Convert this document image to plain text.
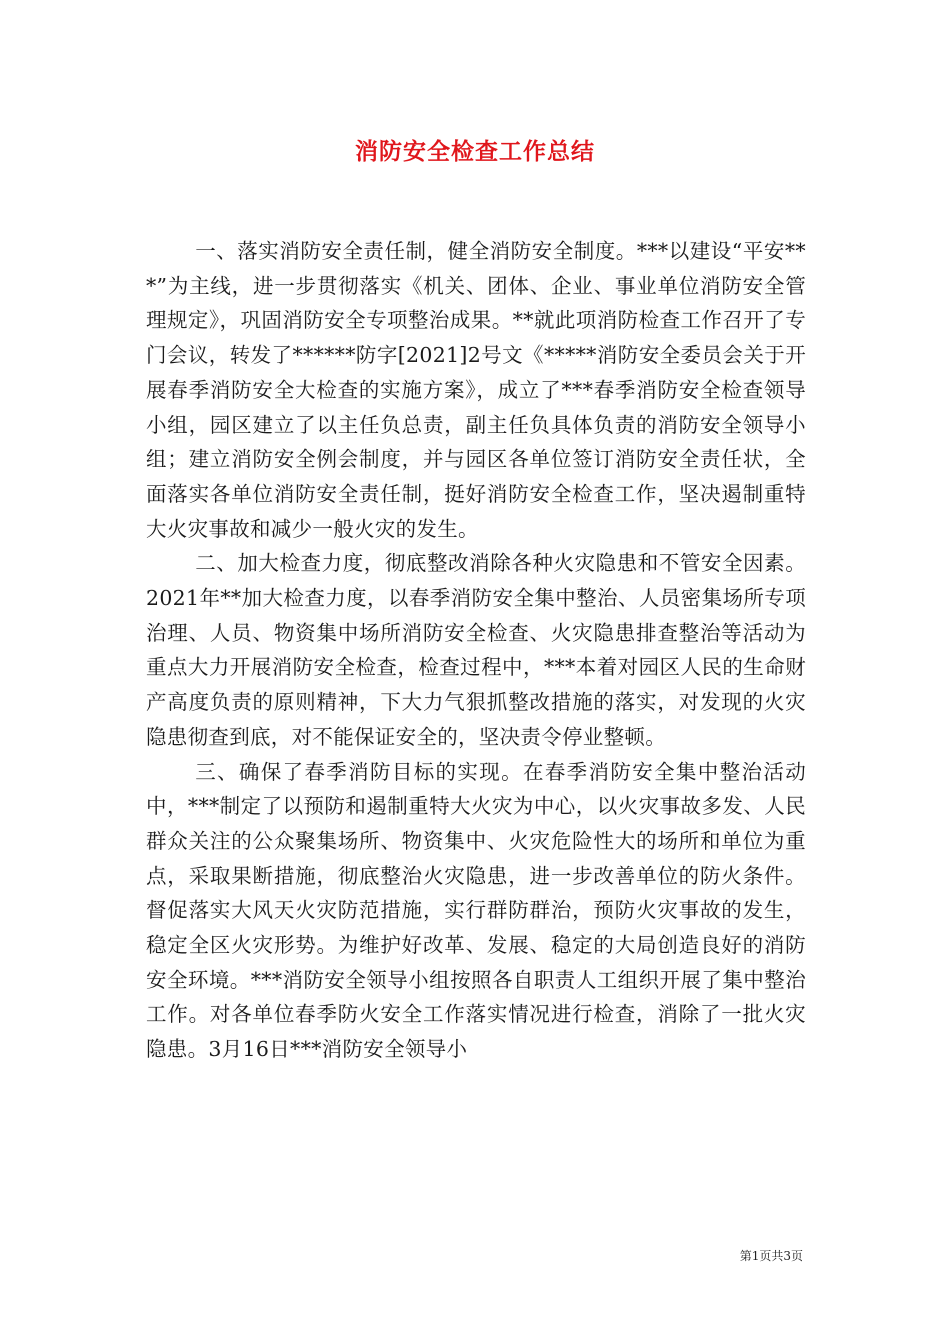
消防安全检查工作总结

一、落实消防安全责任制，健全消防安全制度。***以建设“平安***”为主线，进一步贯彻落实《机关、团体、企业、事业单位消防安全管理规定》，巩固消防安全专项整治成果。**就此项消防检查工作召开了专门会议，转发了******防字[2021]2号文《*****消防安全委员会关于开展春季消防安全大检查的实施方案》，成立了***春季消防安全检查领导小组，园区建立了以主任负总责，副主任负具体负责的消防安全领导小组；建立消防安全例会制度，并与园区各单位签订消防安全责任状，全面落实各单位消防安全责任制，挺好消防安全检查工作，坚决遏制重特大火灾事故和减少一般火灾的发生。

二、加大检查力度，彻底整改消除各种火灾隐患和不管安全因素。2021年**加大检查力度，以春季消防安全集中整治、人员密集场所专项治理、人员、物资集中场所消防安全检查、火灾隐患排查整治等活动为重点大力开展消防安全检查，检查过程中，***本着对园区人民的生命财产高度负责的原则精神，下大力气狠抓整改措施的落实，对发现的火灾隐患彻查到底，对不能保证安全的，坚决责令停业整顿。

三、确保了春季消防目标的实现。在春季消防安全集中整治活动中，***制定了以预防和遏制重特大火灾为中心，以火灾事故多发、人民群众关注的公众聚集场所、物资集中、火灾危险性大的场所和单位为重点，采取果断措施，彻底整治火灾隐患，进一步改善单位的防火条件。督促落实大风天火灾防范措施，实行群防群治，预防火灾事故的发生，稳定全区火灾形势。为维护好改革、发展、稳定的大局创造良好的消防安全环境。***消防安全领导小组按照各自职责人工组织开展了集中整治工作。对各单位春季防火安全工作落实情况进行检查，消除了一批火灾隐患。3月16日***消防安全领导小

第1页共3页
